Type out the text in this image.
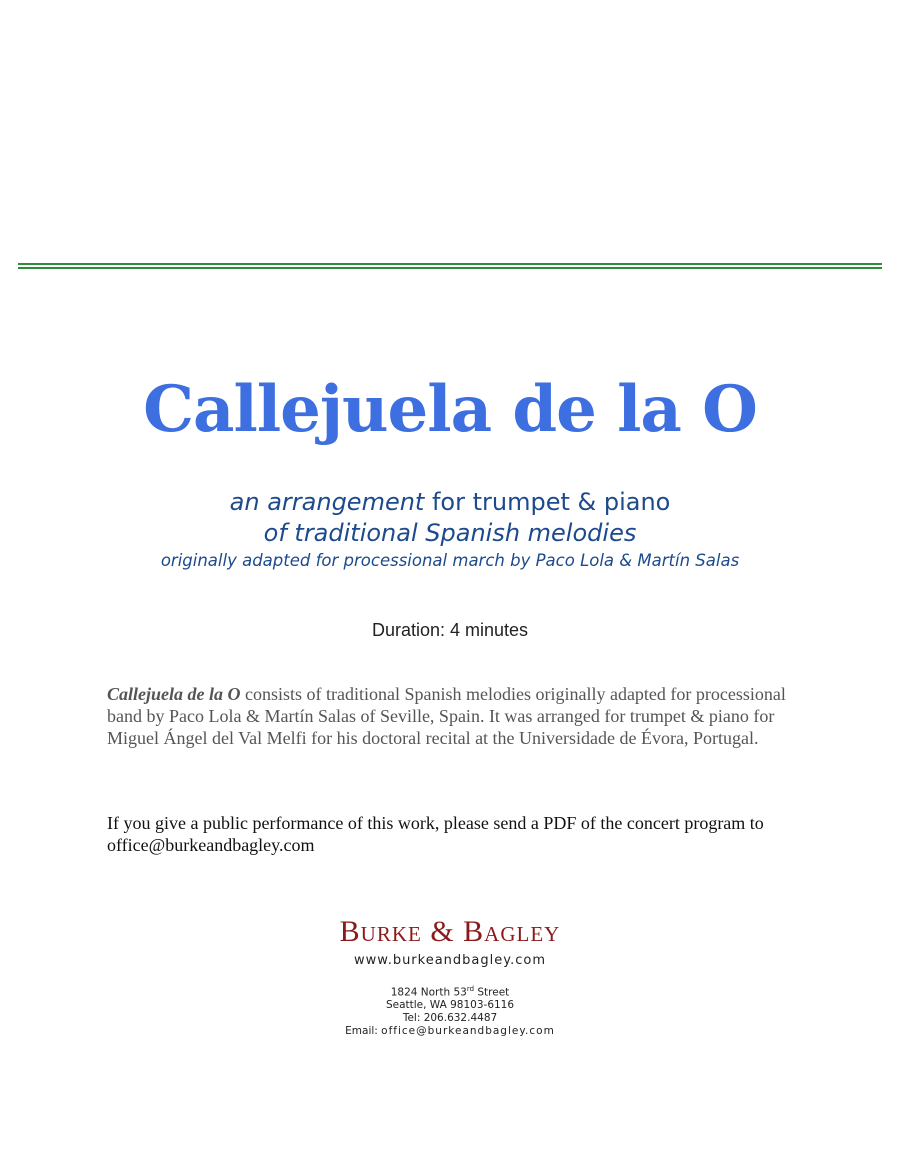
Callejuela de la O
an arrangement for trumpet & piano
of traditional Spanish melodies
originally adapted for processional march by Paco Lola & Martín Salas
Duration: 4 minutes
Callejuela de la O consists of traditional Spanish melodies originally adapted for processional band by Paco Lola & Martín Salas of Seville, Spain. It was arranged for trumpet & piano for Miguel Ángel del Val Melfi for his doctoral recital at the Universidade de Évora, Portugal.
If you give a public performance of this work, please send a PDF of the concert program to office@burkeandbagley.com
Burke & Bagley
www.burkeandbagley.com
1824 North 53rd Street
Seattle, WA 98103-6116
Tel: 206.632.4487
Email: office@burkeandbagley.com
